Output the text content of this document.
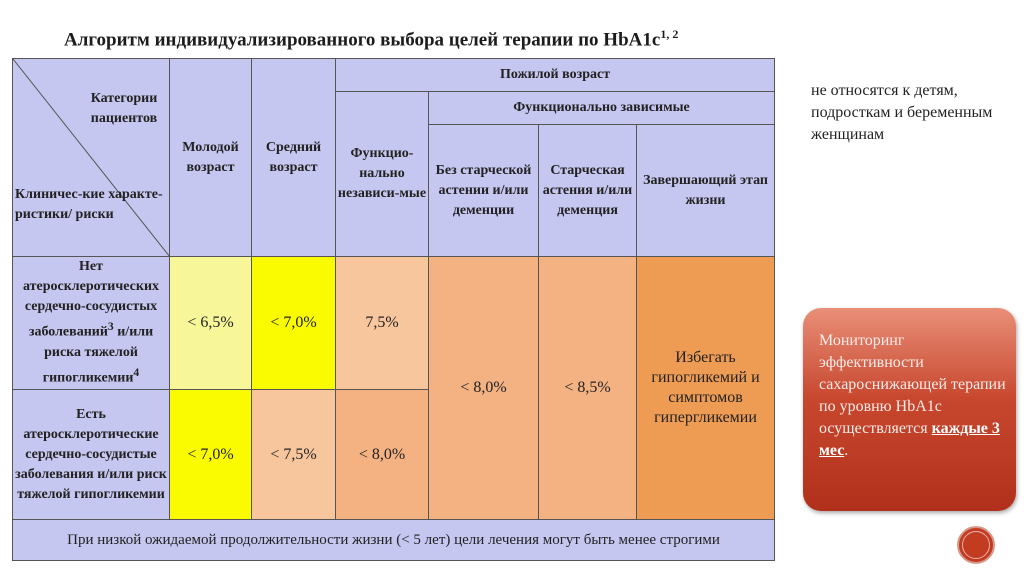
Алгоритм индивидуализированного выбора целей терапии по $HbA1c^{1, 2}$
Категории пациентов
Клиничес-кие характе-ристики/ риски	Молодой возраст	Средний возраст	Пожилой возраст			
			Функцио-нально независи-мые	Функционально зависимые		
				Без старческой астении и/или деменции	Старческая астения и/или деменция	Завершающий этап жизни
Нет атеросклеротических сердечно-сосудистых заболеваний$^3$ и/или риска тяжелой гипогликемии$^4$	< 6,5%	< 7,0%	7,5%	< 8,0%	< 8,5%	Избегать гипогликемий и симптомов гипергликемии
Есть атеросклеротические сердечно-сосудистые заболевания и/или риск тяжелой гипогликемии	< 7,0%	< 7,5%	< 8,0%			
При низкой ожидаемой продолжительности жизни (< 5 лет) цели лечения могут быть менее строгими						
не относятся к детям, подросткам и беременным женщинам
Мониторинг эффективности сахароснижающей терапии по уровню HbA1c осуществляется каждые 3 мес.
